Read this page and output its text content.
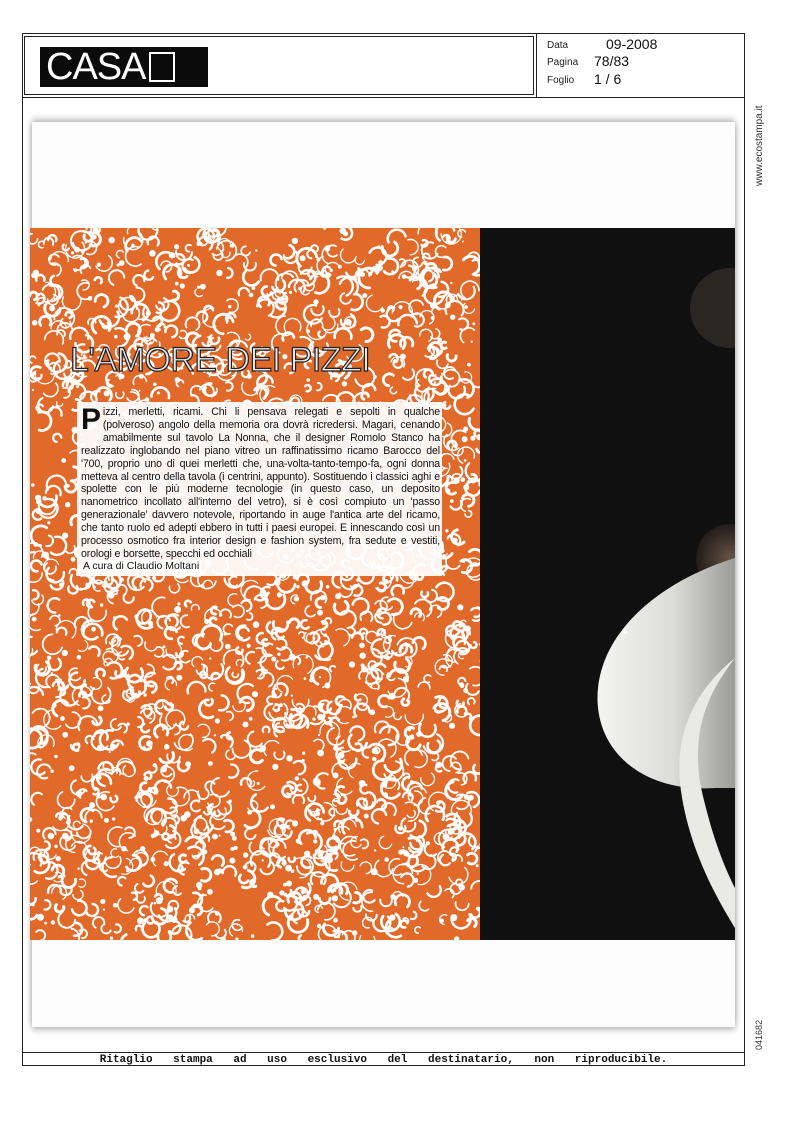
CASA
Data	09-2008
Pagina 78/83
Foglio 1 / 6
www.ecostampa.it
041682
L'AMORE DEI PIZZI
Pizzi, merletti, ricami. Chi li pensava relegati e sepolti in qualche (polveroso) angolo della memoria ora dovrà ricredersi. Magari, cenando amabilmente sul tavolo La Nonna, che il designer Romolo Stanco ha realizzato inglobando nel piano vitreo un raffinatissimo ricamo Barocco del '700, proprio uno di quei merletti che, una-volta-tanto-tempo-fa, ogni donna metteva al centro della tavola (i centrini, appunto). Sostituendo i classici aghi e spolette con le più moderne tecnologie (in questo caso, un deposito nanometrico incollato all'interno del vetro), si è così compiuto un 'passo generazionale' davvero notevole, riportando in auge l'antica arte del ricamo, che tanto ruolo ed adepti ebbero in tutti i paesi europei. E innescando così un processo osmotico fra interior design e fashion system, fra sedute e vestiti, orologi e borsette, specchi ed occhiali
A cura di Claudio Moltani
Ritaglio stampa ad uso esclusivo del destinatario, non riproducibile.
